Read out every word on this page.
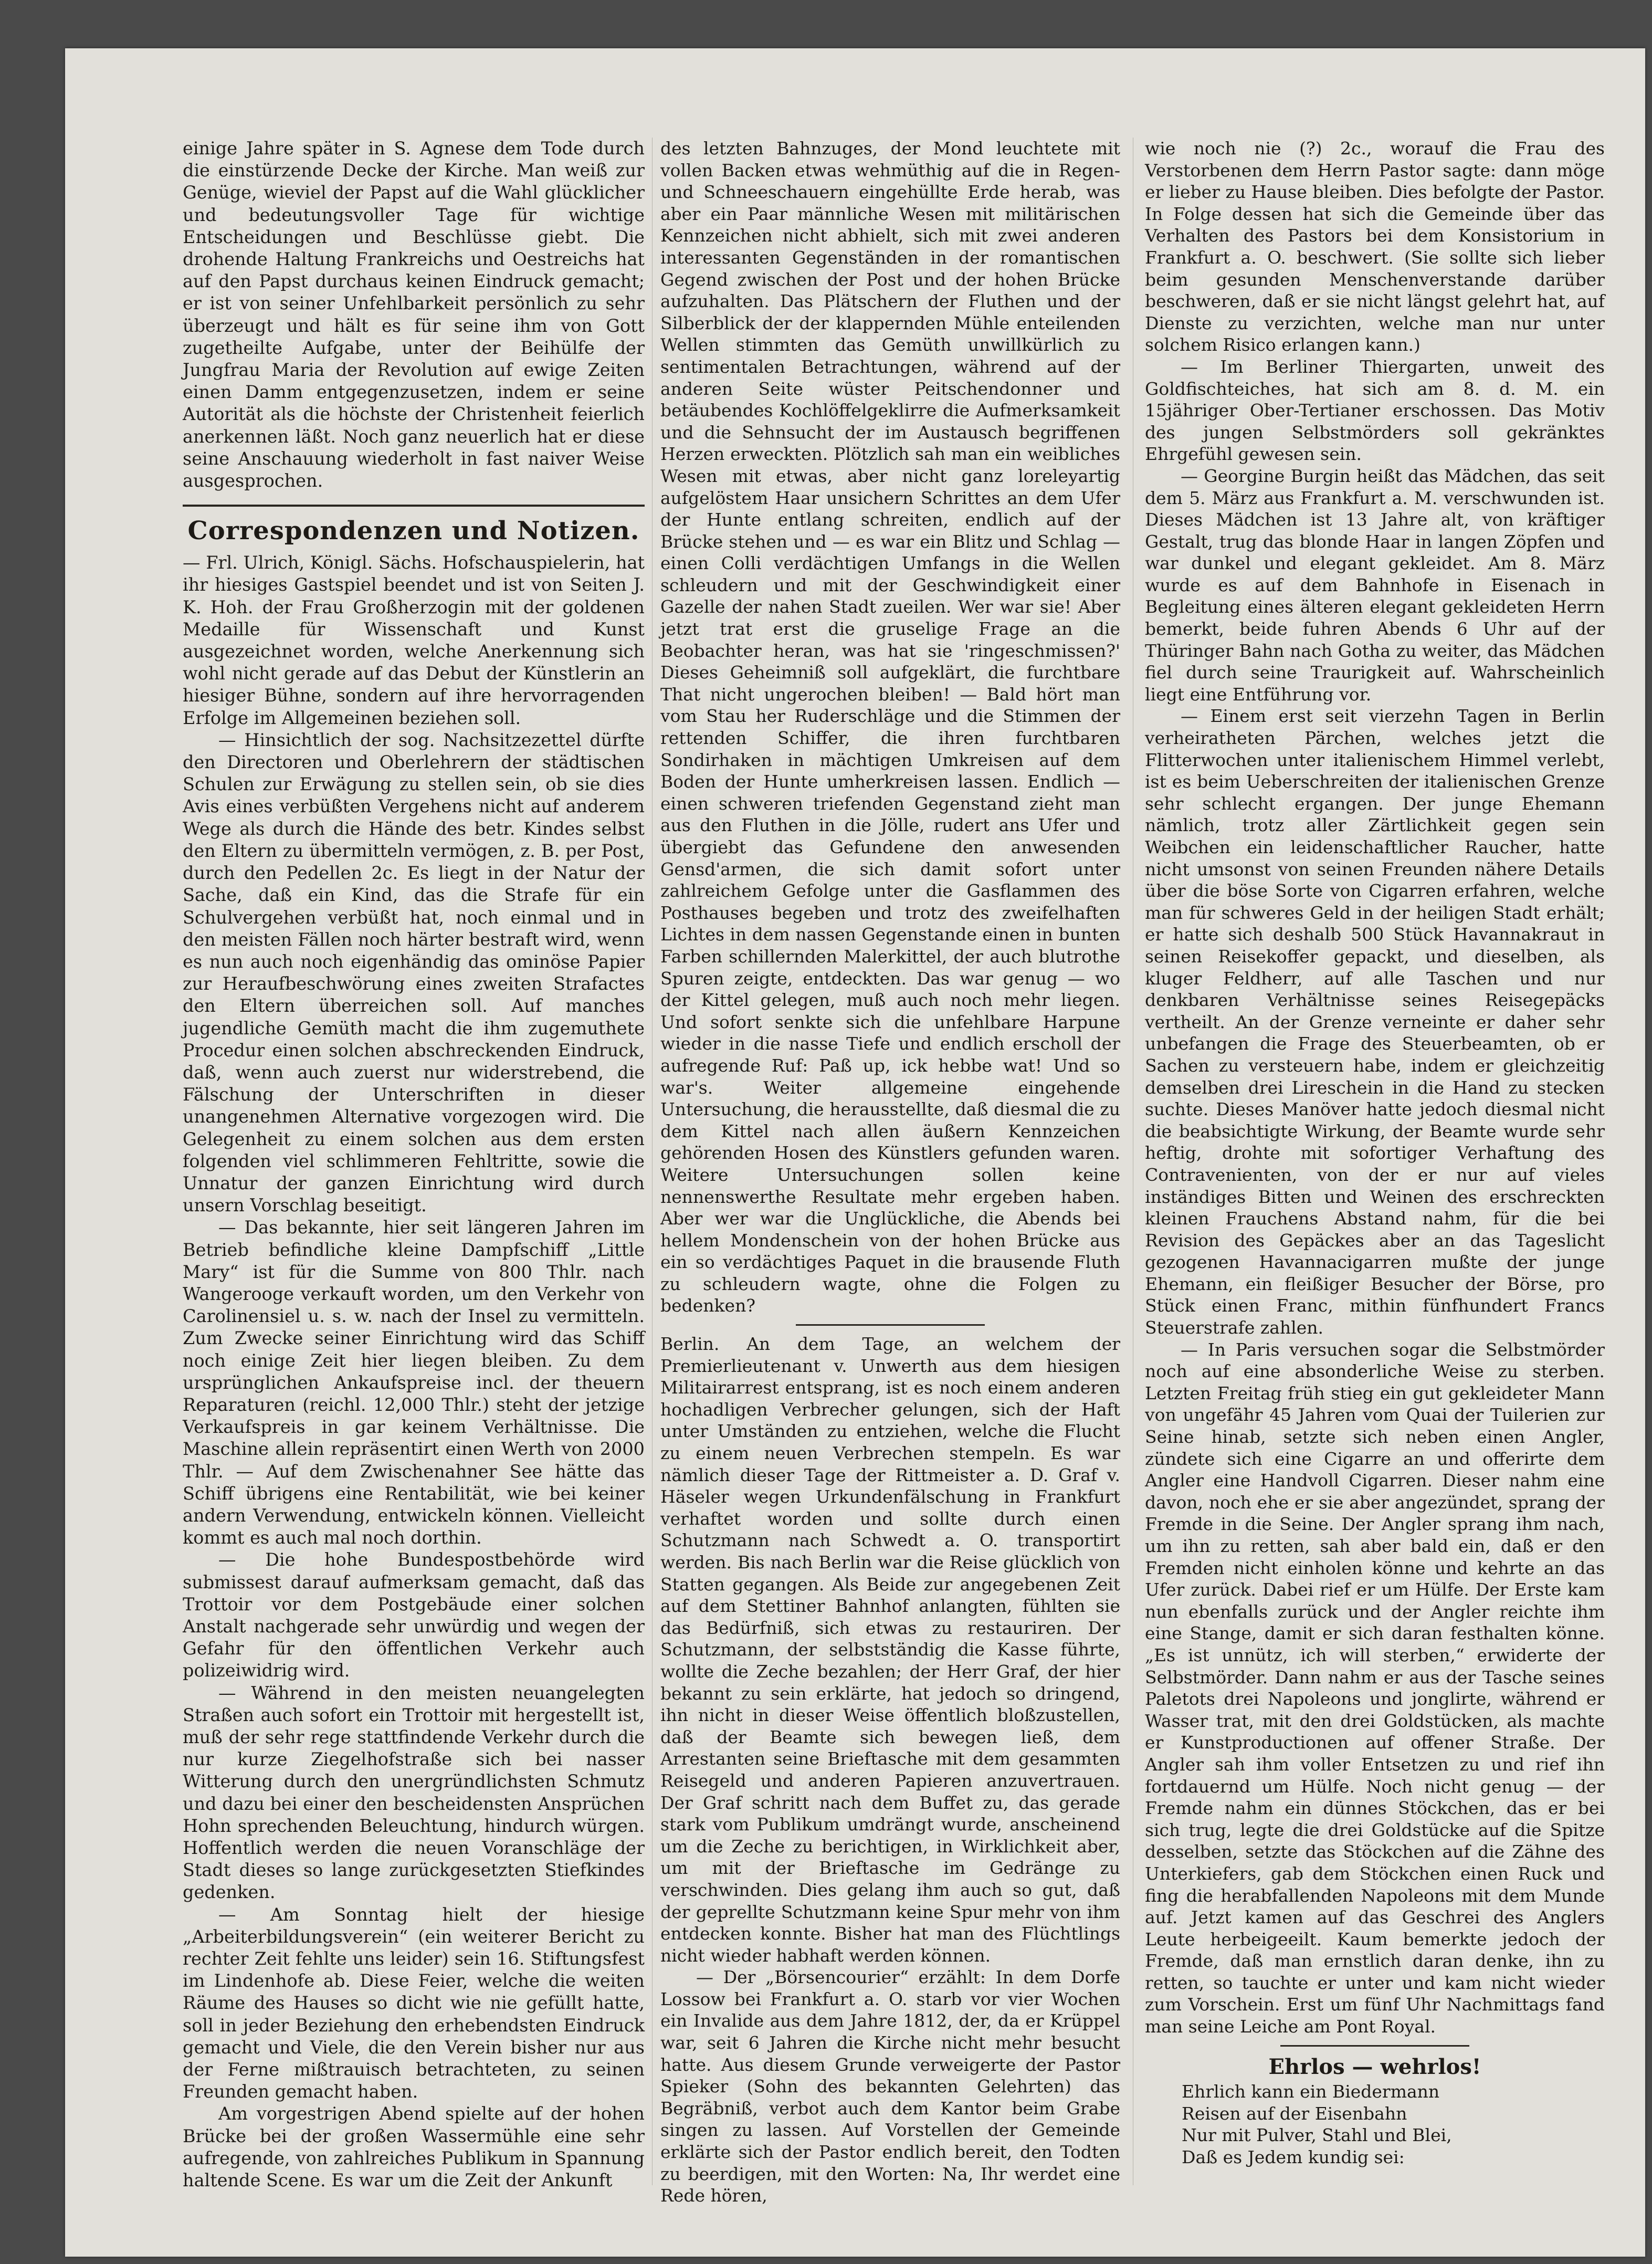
einige Jahre später in S. Agnese dem Tode durch die einstürzende Decke der Kirche. Man weiß zur Genüge, wieviel der Papst auf die Wahl glücklicher und bedeutungsvoller Tage für wichtige Entscheidungen und Beschlüsse giebt. Die drohende Haltung Frankreichs und Oestreichs hat auf den Papst durchaus keinen Eindruck gemacht; er ist von seiner Unfehlbarkeit persönlich zu sehr überzeugt und hält es für seine ihm von Gott zugetheilte Aufgabe, unter der Beihülfe der Jungfrau Maria der Revolution auf ewige Zeiten einen Damm entgegenzusetzen, indem er seine Autorität als die höchste der Christenheit feierlich anerkennen läßt. Noch ganz neuerlich hat er diese seine Anschauung wiederholt in fast naiver Weise ausgesprochen.

Correspondenzen und Notizen.

— Frl. Ulrich, Königl. Sächs. Hofschauspielerin, hat ihr hiesiges Gastspiel beendet und ist von Seiten J. K. Hoh. der Frau Großherzogin mit der goldenen Medaille für Wissenschaft und Kunst ausgezeichnet worden, welche Anerkennung sich wohl nicht gerade auf das Debut der Künstlerin an hiesiger Bühne, sondern auf ihre hervorragenden Erfolge im Allgemeinen beziehen soll.

— Hinsichtlich der sog. Nachsitzezettel dürfte den Directoren und Oberlehrern der städtischen Schulen zur Erwägung zu stellen sein, ob sie dies Avis eines verbüßten Vergehens nicht auf anderem Wege als durch die Hände des betr. Kindes selbst den Eltern zu übermitteln vermögen, z. B. per Post, durch den Pedellen 2c. Es liegt in der Natur der Sache, daß ein Kind, das die Strafe für ein Schulvergehen verbüßt hat, noch einmal und in den meisten Fällen noch härter bestraft wird, wenn es nun auch noch eigenhändig das ominöse Papier zur Heraufbeschwörung eines zweiten Strafactes den Eltern überreichen soll. Auf manches jugendliche Gemüth macht die ihm zugemuthete Procedur einen solchen abschreckenden Eindruck, daß, wenn auch zuerst nur widerstrebend, die Fälschung der Unterschriften in dieser unangenehmen Alternative vorgezogen wird. Die Gelegenheit zu einem solchen aus dem ersten folgenden viel schlimmeren Fehltritte, sowie die Unnatur der ganzen Einrichtung wird durch unsern Vorschlag beseitigt.

— Das bekannte, hier seit längeren Jahren im Betrieb befindliche kleine Dampfschiff „Little Mary“ ist für die Summe von 800 Thlr. nach Wangerooge verkauft worden, um den Verkehr von Carolinensiel u. s. w. nach der Insel zu vermitteln. Zum Zwecke seiner Einrichtung wird das Schiff noch einige Zeit hier liegen bleiben. Zu dem ursprünglichen Ankaufspreise incl. der theuern Reparaturen (reichl. 12,000 Thlr.) steht der jetzige Verkaufspreis in gar keinem Verhältnisse. Die Maschine allein repräsentirt einen Werth von 2000 Thlr. — Auf dem Zwischenahner See hätte das Schiff übrigens eine Rentabilität, wie bei keiner andern Verwendung, entwickeln können. Vielleicht kommt es auch mal noch dorthin.

— Die hohe Bundespostbehörde wird submissest darauf aufmerksam gemacht, daß das Trottoir vor dem Postgebäude einer solchen Anstalt nachgerade sehr unwürdig und wegen der Gefahr für den öffentlichen Verkehr auch polizeiwidrig wird.

— Während in den meisten neuangelegten Straßen auch sofort ein Trottoir mit hergestellt ist, muß der sehr rege stattfindende Verkehr durch die nur kurze Ziegelhofstraße sich bei nasser Witterung durch den unergründlichsten Schmutz und dazu bei einer den bescheidensten Ansprüchen Hohn sprechenden Beleuchtung, hindurch würgen. Hoffentlich werden die neuen Voranschläge der Stadt dieses so lange zurückgesetzten Stiefkindes gedenken.

— Am Sonntag hielt der hiesige „Arbeiterbildungsverein“ (ein weiterer Bericht zu rechter Zeit fehlte uns leider) sein 16. Stiftungsfest im Lindenhofe ab. Diese Feier, welche die weiten Räume des Hauses so dicht wie nie gefüllt hatte, soll in jeder Beziehung den erhebendsten Eindruck gemacht und Viele, die den Verein bisher nur aus der Ferne mißtrauisch betrachteten, zu seinen Freunden gemacht haben.

Am vorgestrigen Abend spielte auf der hohen Brücke bei der großen Wassermühle eine sehr aufregende, von zahlreiches Publikum in Spannung haltende Scene. Es war um die Zeit der Ankunft

des letzten Bahnzuges, der Mond leuchtete mit vollen Backen etwas wehmüthig auf die in Regen- und Schneeschauern eingehüllte Erde herab, was aber ein Paar männliche Wesen mit militärischen Kennzeichen nicht abhielt, sich mit zwei anderen interessanten Gegenständen in der romantischen Gegend zwischen der Post und der hohen Brücke aufzuhalten. Das Plätschern der Fluthen und der Silberblick der der klappernden Mühle enteilenden Wellen stimmten das Gemüth unwillkürlich zu sentimentalen Betrachtungen, während auf der anderen Seite wüster Peitschendonner und betäubendes Kochlöffelgeklirre die Aufmerksamkeit und die Sehnsucht der im Austausch begriffenen Herzen erweckten. Plötzlich sah man ein weibliches Wesen mit etwas, aber nicht ganz loreleyartig aufgelöstem Haar unsichern Schrittes an dem Ufer der Hunte entlang schreiten, endlich auf der Brücke stehen und — es war ein Blitz und Schlag — einen Colli verdächtigen Umfangs in die Wellen schleudern und mit der Geschwindigkeit einer Gazelle der nahen Stadt zueilen. Wer war sie! Aber jetzt trat erst die gruselige Frage an die Beobachter heran, was hat sie 'ringeschmissen?' Dieses Geheimniß soll aufgeklärt, die furchtbare That nicht ungerochen bleiben! — Bald hört man vom Stau her Ruderschläge und die Stimmen der rettenden Schiffer, die ihren furchtbaren Sondirhaken in mächtigen Umkreisen auf dem Boden der Hunte umherkreisen lassen. Endlich — einen schweren triefenden Gegenstand zieht man aus den Fluthen in die Jölle, rudert ans Ufer und übergiebt das Gefundene den anwesenden Gensd'armen, die sich damit sofort unter zahlreichem Gefolge unter die Gasflammen des Posthauses begeben und trotz des zweifelhaften Lichtes in dem nassen Gegenstande einen in bunten Farben schillernden Malerkittel, der auch blutrothe Spuren zeigte, entdeckten. Das war genug — wo der Kittel gelegen, muß auch noch mehr liegen. Und sofort senkte sich die unfehlbare Harpune wieder in die nasse Tiefe und endlich erscholl der aufregende Ruf: Paß up, ick hebbe wat! Und so war's. Weiter allgemeine eingehende Untersuchung, die herausstellte, daß diesmal die zu dem Kittel nach allen äußern Kennzeichen gehörenden Hosen des Künstlers gefunden waren. Weitere Untersuchungen sollen keine nennenswerthe Resultate mehr ergeben haben. Aber wer war die Unglückliche, die Abends bei hellem Mondenschein von der hohen Brücke aus ein so verdächtiges Paquet in die brausende Fluth zu schleudern wagte, ohne die Folgen zu bedenken?

Berlin. An dem Tage, an welchem der Premierlieutenant v. Unwerth aus dem hiesigen Militairarrest entsprang, ist es noch einem anderen hochadligen Verbrecher gelungen, sich der Haft unter Umständen zu entziehen, welche die Flucht zu einem neuen Verbrechen stempeln. Es war nämlich dieser Tage der Rittmeister a. D. Graf v. Häseler wegen Urkundenfälschung in Frankfurt verhaftet worden und sollte durch einen Schutzmann nach Schwedt a. O. transportirt werden. Bis nach Berlin war die Reise glücklich von Statten gegangen. Als Beide zur angegebenen Zeit auf dem Stettiner Bahnhof anlangten, fühlten sie das Bedürfniß, sich etwas zu restauriren. Der Schutzmann, der selbstständig die Kasse führte, wollte die Zeche bezahlen; der Herr Graf, der hier bekannt zu sein erklärte, hat jedoch so dringend, ihn nicht in dieser Weise öffentlich bloßzustellen, daß der Beamte sich bewegen ließ, dem Arrestanten seine Brieftasche mit dem gesammten Reisegeld und anderen Papieren anzuvertrauen. Der Graf schritt nach dem Buffet zu, das gerade stark vom Publikum umdrängt wurde, anscheinend um die Zeche zu berichtigen, in Wirklichkeit aber, um mit der Brieftasche im Gedränge zu verschwinden. Dies gelang ihm auch so gut, daß der geprellte Schutzmann keine Spur mehr von ihm entdecken konnte. Bisher hat man des Flüchtlings nicht wieder habhaft werden können.

— Der „Börsencourier“ erzählt: In dem Dorfe Lossow bei Frankfurt a. O. starb vor vier Wochen ein Invalide aus dem Jahre 1812, der, da er Krüppel war, seit 6 Jahren die Kirche nicht mehr besucht hatte. Aus diesem Grunde verweigerte der Pastor Spieker (Sohn des bekannten Gelehrten) das Begräbniß, verbot auch dem Kantor beim Grabe singen zu lassen. Auf Vorstellen der Gemeinde erklärte sich der Pastor endlich bereit, den Todten zu beerdigen, mit den Worten: Na, Ihr werdet eine Rede hören,

wie noch nie (?) 2c., worauf die Frau des Verstorbenen dem Herrn Pastor sagte: dann möge er lieber zu Hause bleiben. Dies befolgte der Pastor. In Folge dessen hat sich die Gemeinde über das Verhalten des Pastors bei dem Konsistorium in Frankfurt a. O. beschwert. (Sie sollte sich lieber beim gesunden Menschenverstande darüber beschweren, daß er sie nicht längst gelehrt hat, auf Dienste zu verzichten, welche man nur unter solchem Risico erlangen kann.)

— Im Berliner Thiergarten, unweit des Goldfischteiches, hat sich am 8. d. M. ein 15jähriger Ober-Tertianer erschossen. Das Motiv des jungen Selbstmörders soll gekränktes Ehrgefühl gewesen sein.

— Georgine Burgin heißt das Mädchen, das seit dem 5. März aus Frankfurt a. M. verschwunden ist. Dieses Mädchen ist 13 Jahre alt, von kräftiger Gestalt, trug das blonde Haar in langen Zöpfen und war dunkel und elegant gekleidet. Am 8. März wurde es auf dem Bahnhofe in Eisenach in Begleitung eines älteren elegant gekleideten Herrn bemerkt, beide fuhren Abends 6 Uhr auf der Thüringer Bahn nach Gotha zu weiter, das Mädchen fiel durch seine Traurigkeit auf. Wahrscheinlich liegt eine Entführung vor.

— Einem erst seit vierzehn Tagen in Berlin verheiratheten Pärchen, welches jetzt die Flitterwochen unter italienischem Himmel verlebt, ist es beim Ueberschreiten der italienischen Grenze sehr schlecht ergangen. Der junge Ehemann nämlich, trotz aller Zärtlichkeit gegen sein Weibchen ein leidenschaftlicher Raucher, hatte nicht umsonst von seinen Freunden nähere Details über die böse Sorte von Cigarren erfahren, welche man für schweres Geld in der heiligen Stadt erhält; er hatte sich deshalb 500 Stück Havannakraut in seinen Reisekoffer gepackt, und dieselben, als kluger Feldherr, auf alle Taschen und nur denkbaren Verhältnisse seines Reisegepäcks vertheilt. An der Grenze verneinte er daher sehr unbefangen die Frage des Steuerbeamten, ob er Sachen zu versteuern habe, indem er gleichzeitig demselben drei Lireschein in die Hand zu stecken suchte. Dieses Manöver hatte jedoch diesmal nicht die beabsichtigte Wirkung, der Beamte wurde sehr heftig, drohte mit sofortiger Verhaftung des Contravenienten, von der er nur auf vieles inständiges Bitten und Weinen des erschreckten kleinen Frauchens Abstand nahm, für die bei Revision des Gepäckes aber an das Tageslicht gezogenen Havannacigarren mußte der junge Ehemann, ein fleißiger Besucher der Börse, pro Stück einen Franc, mithin fünfhundert Francs Steuerstrafe zahlen.

— In Paris versuchen sogar die Selbstmörder noch auf eine absonderliche Weise zu sterben. Letzten Freitag früh stieg ein gut gekleideter Mann von ungefähr 45 Jahren vom Quai der Tuilerien zur Seine hinab, setzte sich neben einen Angler, zündete sich eine Cigarre an und offerirte dem Angler eine Handvoll Cigarren. Dieser nahm eine davon, noch ehe er sie aber angezündet, sprang der Fremde in die Seine. Der Angler sprang ihm nach, um ihn zu retten, sah aber bald ein, daß er den Fremden nicht einholen könne und kehrte an das Ufer zurück. Dabei rief er um Hülfe. Der Erste kam nun ebenfalls zurück und der Angler reichte ihm eine Stange, damit er sich daran festhalten könne. „Es ist unnütz, ich will sterben,“ erwiderte der Selbstmörder. Dann nahm er aus der Tasche seines Paletots drei Napoleons und jonglirte, während er Wasser trat, mit den drei Goldstücken, als machte er Kunstproductionen auf offener Straße. Der Angler sah ihm voller Entsetzen zu und rief ihn fortdauernd um Hülfe. Noch nicht genug — der Fremde nahm ein dünnes Stöckchen, das er bei sich trug, legte die drei Goldstücke auf die Spitze desselben, setzte das Stöckchen auf die Zähne des Unterkiefers, gab dem Stöckchen einen Ruck und fing die herabfallenden Napoleons mit dem Munde auf. Jetzt kamen auf das Geschrei des Anglers Leute herbeigeeilt. Kaum bemerkte jedoch der Fremde, daß man ernstlich daran denke, ihn zu retten, so tauchte er unter und kam nicht wieder zum Vorschein. Erst um fünf Uhr Nachmittags fand man seine Leiche am Pont Royal.

Ehrlos — wehrlos!

Ehrlich kann ein Biedermann

Reisen auf der Eisenbahn

Nur mit Pulver, Stahl und Blei,

Daß es Jedem kundig sei:
